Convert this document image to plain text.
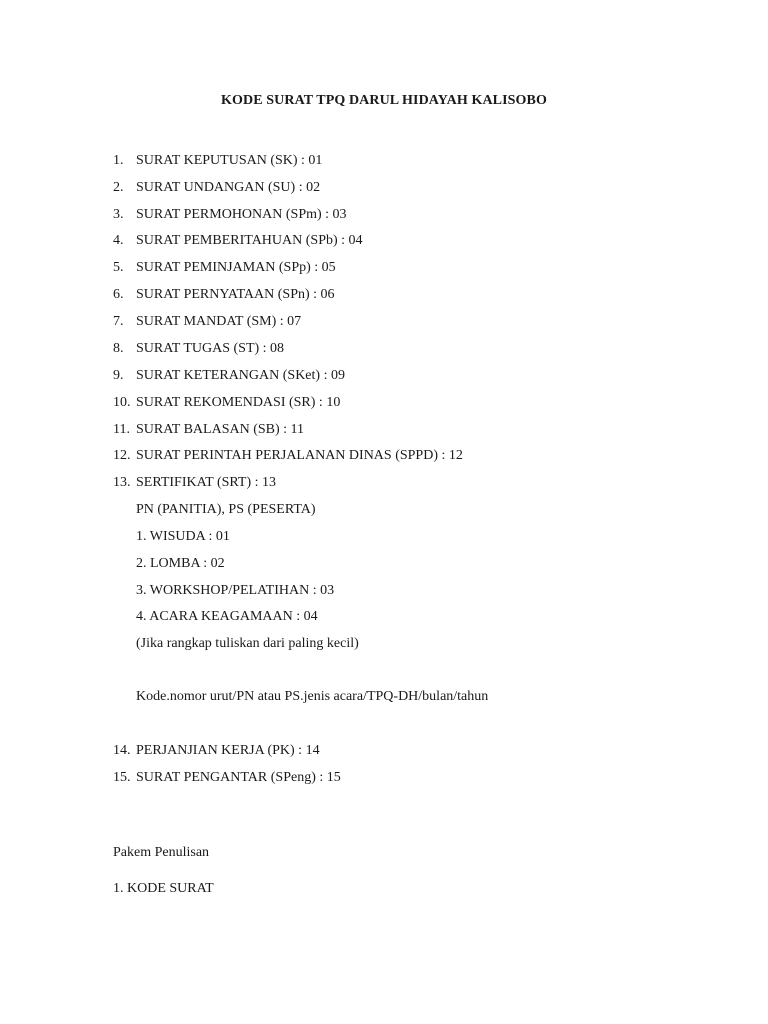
KODE SURAT TPQ DARUL HIDAYAH KALISOBO
1. SURAT KEPUTUSAN (SK) : 01
2. SURAT UNDANGAN (SU) : 02
3. SURAT PERMOHONAN (SPm) : 03
4. SURAT PEMBERITAHUAN (SPb) : 04
5. SURAT PEMINJAMAN (SPp) : 05
6. SURAT PERNYATAAN (SPn) : 06
7. SURAT MANDAT (SM) : 07
8. SURAT TUGAS (ST) : 08
9. SURAT KETERANGAN (SKet) : 09
10. SURAT REKOMENDASI (SR) : 10
11. SURAT BALASAN (SB) : 11
12. SURAT PERINTAH PERJALANAN DINAS (SPPD) : 12
13. SERTIFIKAT (SRT) : 13
PN (PANITIA), PS (PESERTA)
1. WISUDA : 01
2. LOMBA : 02
3. WORKSHOP/PELATIHAN : 03
4. ACARA KEAGAMAAN : 04
(Jika rangkap tuliskan dari paling kecil)
Kode.nomor urut/PN atau PS.jenis acara/TPQ-DH/bulan/tahun
14. PERJANJIAN KERJA (PK) : 14
15. SURAT PENGANTAR (SPeng) : 15
Pakem Penulisan
1. KODE SURAT
